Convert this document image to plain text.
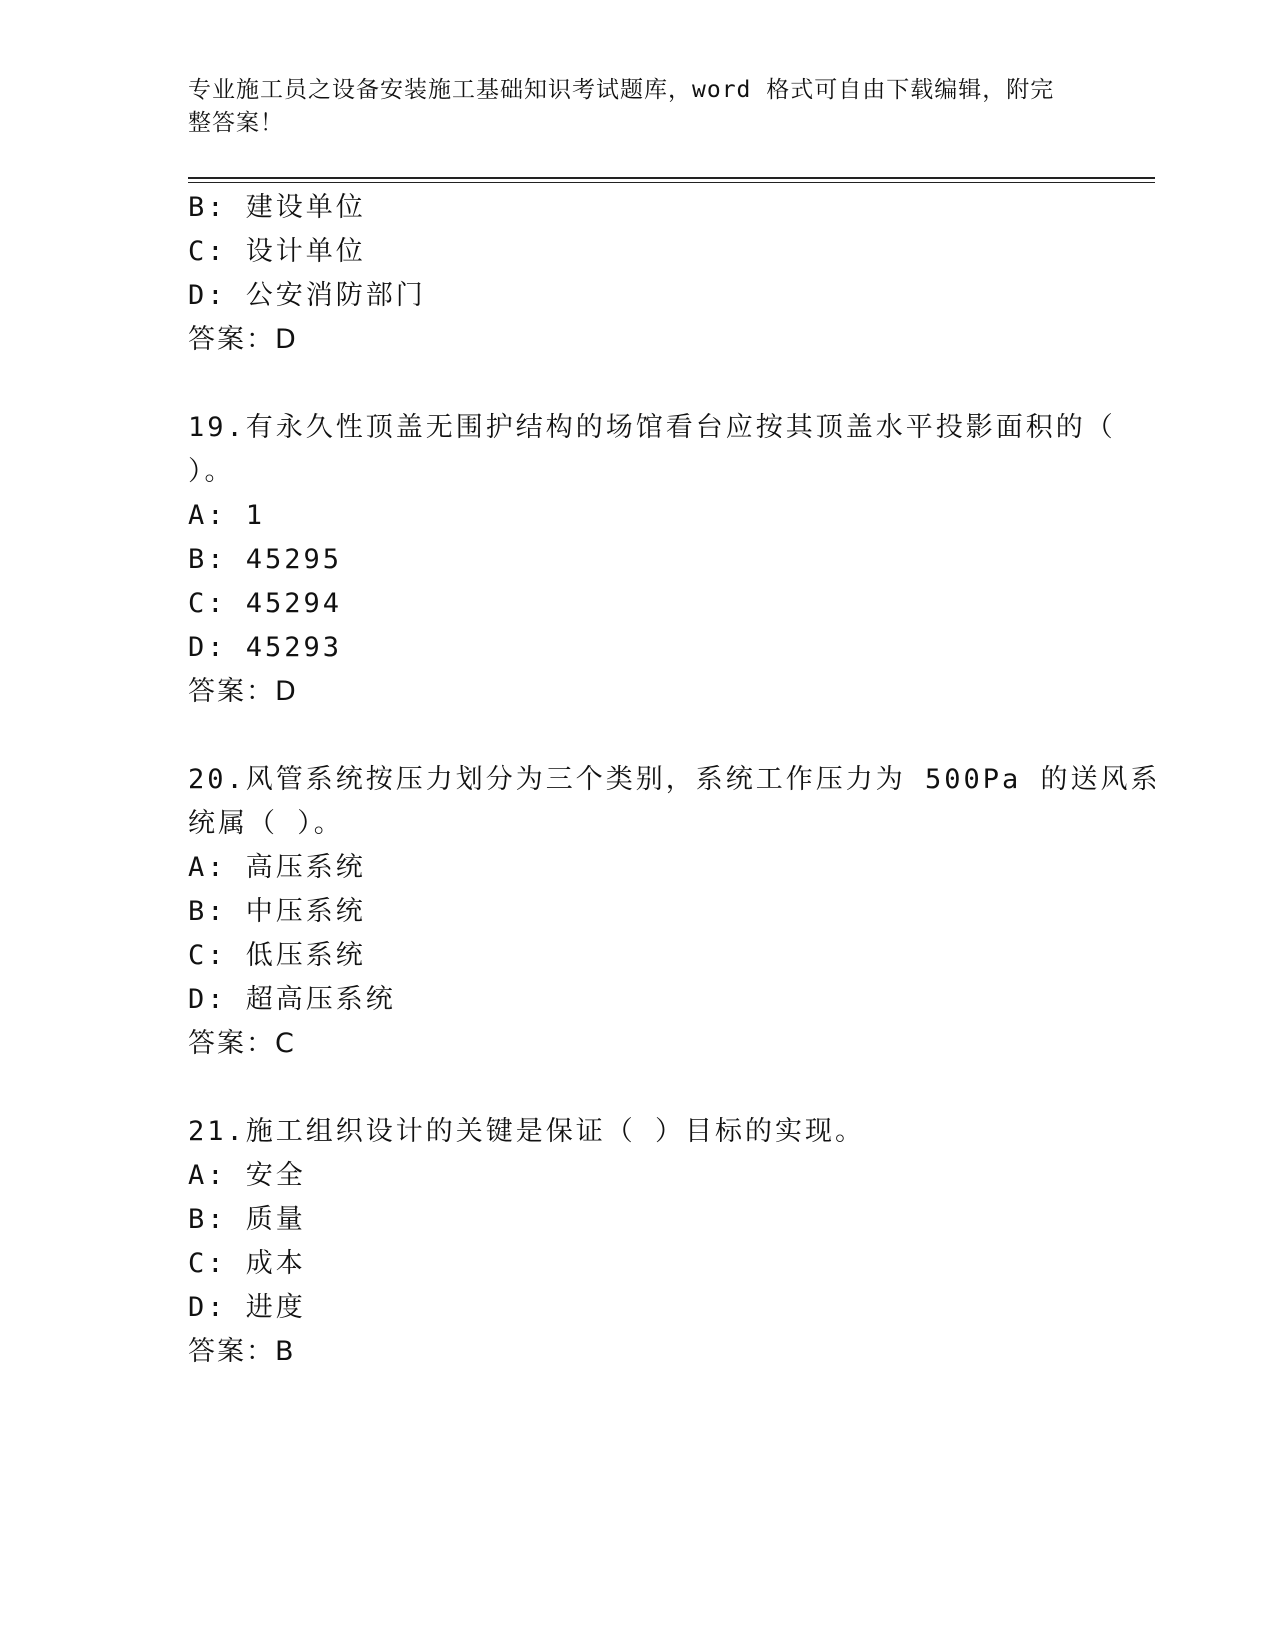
专业施工员之设备安装施工基础知识考试题库，word 格式可自由下载编辑，附完
整答案！
B: 建设单位
C: 设计单位
D: 公安消防部门
答案：D
19.有永久性顶盖无围护结构的场馆看台应按其顶盖水平投影面积的（
）。
A: 1
B: 45295
C: 45294
D: 45293
答案：D
20.风管系统按压力划分为三个类别，系统工作压力为 500Pa 的送风系
统属（ ）。
A: 高压系统
B: 中压系统
C: 低压系统
D: 超高压系统
答案：C
21.施工组织设计的关键是保证（ ）目标的实现。
A: 安全
B: 质量
C: 成本
D: 进度
答案：B
